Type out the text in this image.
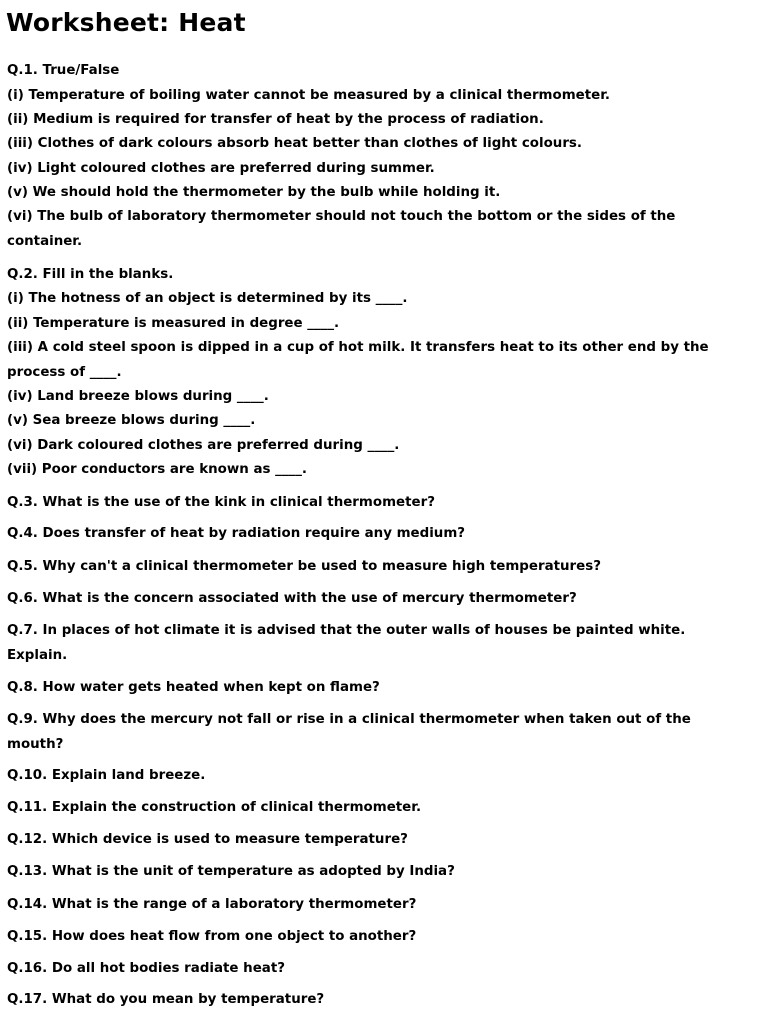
Worksheet: Heat
Q.1. True/False
(i) Temperature of boiling water cannot be measured by a clinical thermometer.
(ii) Medium is required for transfer of heat by the process of radiation.
(iii) Clothes of dark colours absorb heat better than clothes of light colours.
(iv) Light coloured clothes are preferred during summer.
(v) We should hold the thermometer by the bulb while holding it.
(vi) The bulb of laboratory thermometer should not touch the bottom or the sides of the
container.
Q.2. Fill in the blanks.
(i) The hotness of an object is determined by its ____.
(ii) Temperature is measured in degree ____.
(iii) A cold steel spoon is dipped in a cup of hot milk. It transfers heat to its other end by the
process of ____.
(iv) Land breeze blows during ____.
(v) Sea breeze blows during ____.
(vi) Dark coloured clothes are preferred during ____.
(vii) Poor conductors are known as ____.
Q.3. What is the use of the kink in clinical thermometer?
Q.4. Does transfer of heat by radiation require any medium?
Q.5. Why can't a clinical thermometer be used to measure high temperatures?
Q.6. What is the concern associated with the use of mercury thermometer?
Q.7. In places of hot climate it is advised that the outer walls of houses be painted white.
Explain.
Q.8. How water gets heated when kept on flame?
Q.9. Why does the mercury not fall or rise in a clinical thermometer when taken out of the
mouth?
Q.10. Explain land breeze.
Q.11. Explain the construction of clinical thermometer.
Q.12. Which device is used to measure temperature?
Q.13. What is the unit of temperature as adopted by India?
Q.14. What is the range of a laboratory thermometer?
Q.15. How does heat flow from one object to another?
Q.16. Do all hot bodies radiate heat?
Q.17. What do you mean by temperature?
